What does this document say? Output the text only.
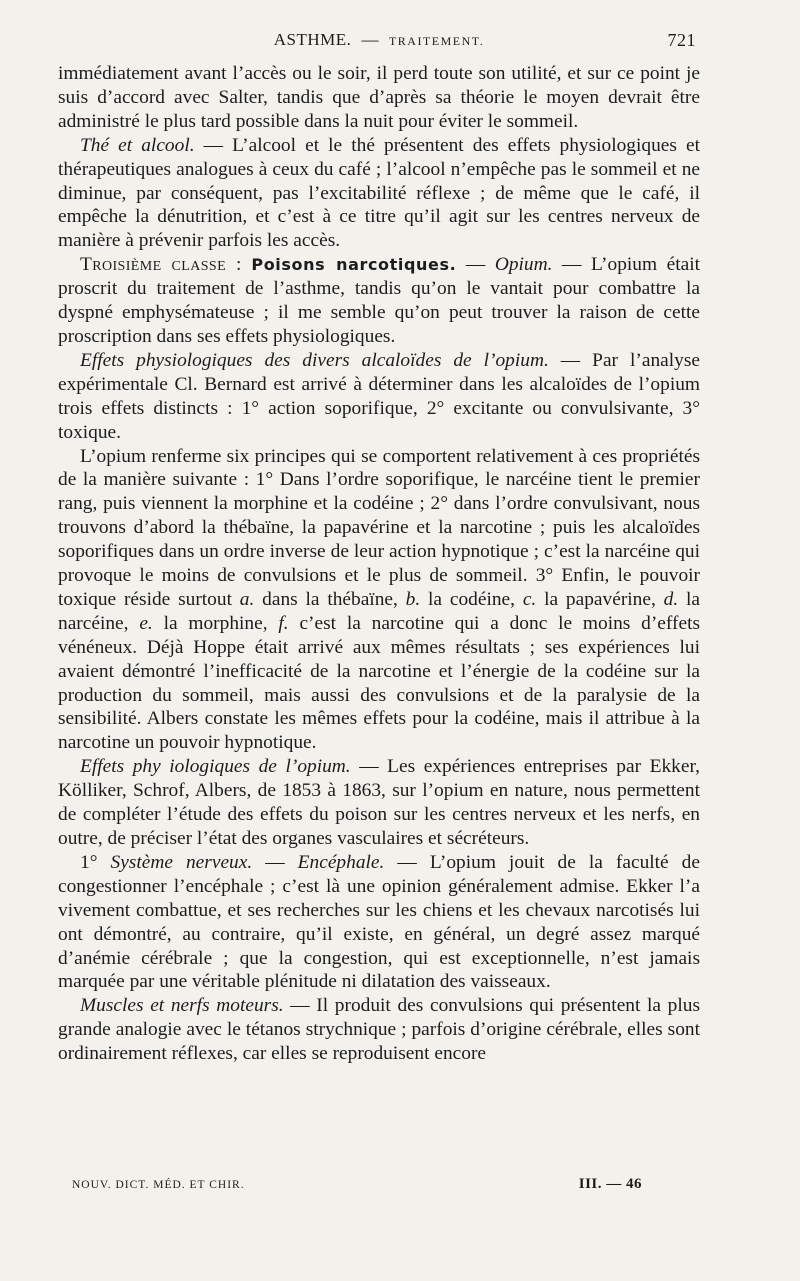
ASTHME. — TRAITEMENT.	721

immédiatement avant l’accès ou le soir, il perd toute son utilité, et sur ce point je suis d’accord avec Salter, tandis que d’après sa théorie le moyen devrait être administré le plus tard possible dans la nuit pour éviter le sommeil.

Thé et alcool. — L’alcool et le thé présentent des effets physiologiques et thérapeutiques analogues à ceux du café ; l’alcool n’empêche pas le sommeil et ne diminue, par conséquent, pas l’excitabilité réflexe ; de même que le café, il empêche la dénutrition, et c’est à ce titre qu’il agit sur les centres nerveux de manière à prévenir parfois les accès.

Troisième classe : Poisons narcotiques. — Opium. — L’opium était proscrit du traitement de l’asthme, tandis qu’on le vantait pour combattre la dyspné emphysémateuse ; il me semble qu’on peut trouver la raison de cette proscription dans ses effets physiologiques.

Effets physiologiques des divers alcaloïdes de l’opium. — Par l’analyse expérimentale Cl. Bernard est arrivé à déterminer dans les alcaloïdes de l’opium trois effets distincts : 1° action soporifique, 2° excitante ou convulsivante, 3° toxique.

L’opium renferme six principes qui se comportent relativement à ces propriétés de la manière suivante : 1° Dans l’ordre soporifique, le narcéine tient le premier rang, puis viennent la morphine et la codéine ; 2° dans l’ordre convulsivant, nous trouvons d’abord la thébaïne, la papavérine et la narcotine ; puis les alcaloïdes soporifiques dans un ordre inverse de leur action hypnotique ; c’est la narcéine qui provoque le moins de convulsions et le plus de sommeil. 3° Enfin, le pouvoir toxique réside surtout a. dans la thébaïne, b. la codéine, c. la papavérine, d. la narcéine, e. la morphine, f. c’est la narcotine qui a donc le moins d’effets vénéneux. Déjà Hoppe était arrivé aux mêmes résultats ; ses expériences lui avaient démontré l’inefficacité de la narcotine et l’énergie de la codéine sur la production du sommeil, mais aussi des convulsions et de la paralysie de la sensibilité. Albers constate les mêmes effets pour la codéine, mais il attribue à la narcotine un pouvoir hypnotique.

Effets phy iologiques de l’opium. — Les expériences entreprises par Ekker, Kölliker, Schrof, Albers, de 1853 à 1863, sur l’opium en nature, nous permettent de compléter l’étude des effets du poison sur les centres nerveux et les nerfs, en outre, de préciser l’état des organes vasculaires et sécréteurs.

1° Système nerveux. — Encéphale. — L’opium jouit de la faculté de congestionner l’encéphale ; c’est là une opinion généralement admise. Ekker l’a vivement combattue, et ses recherches sur les chiens et les chevaux narcotisés lui ont démontré, au contraire, qu’il existe, en général, un degré assez marqué d’anémie cérébrale ; que la congestion, qui est exceptionnelle, n’est jamais marquée par une véritable plénitude ni dilatation des vaisseaux.

Muscles et nerfs moteurs. — Il produit des convulsions qui présentent la plus grande analogie avec le tétanos strychnique ; parfois d’origine cérébrale, elles sont ordinairement réflexes, car elles se reproduisent encore

NOUV. DICT. MÉD. ET CHIR.	III. — 46
